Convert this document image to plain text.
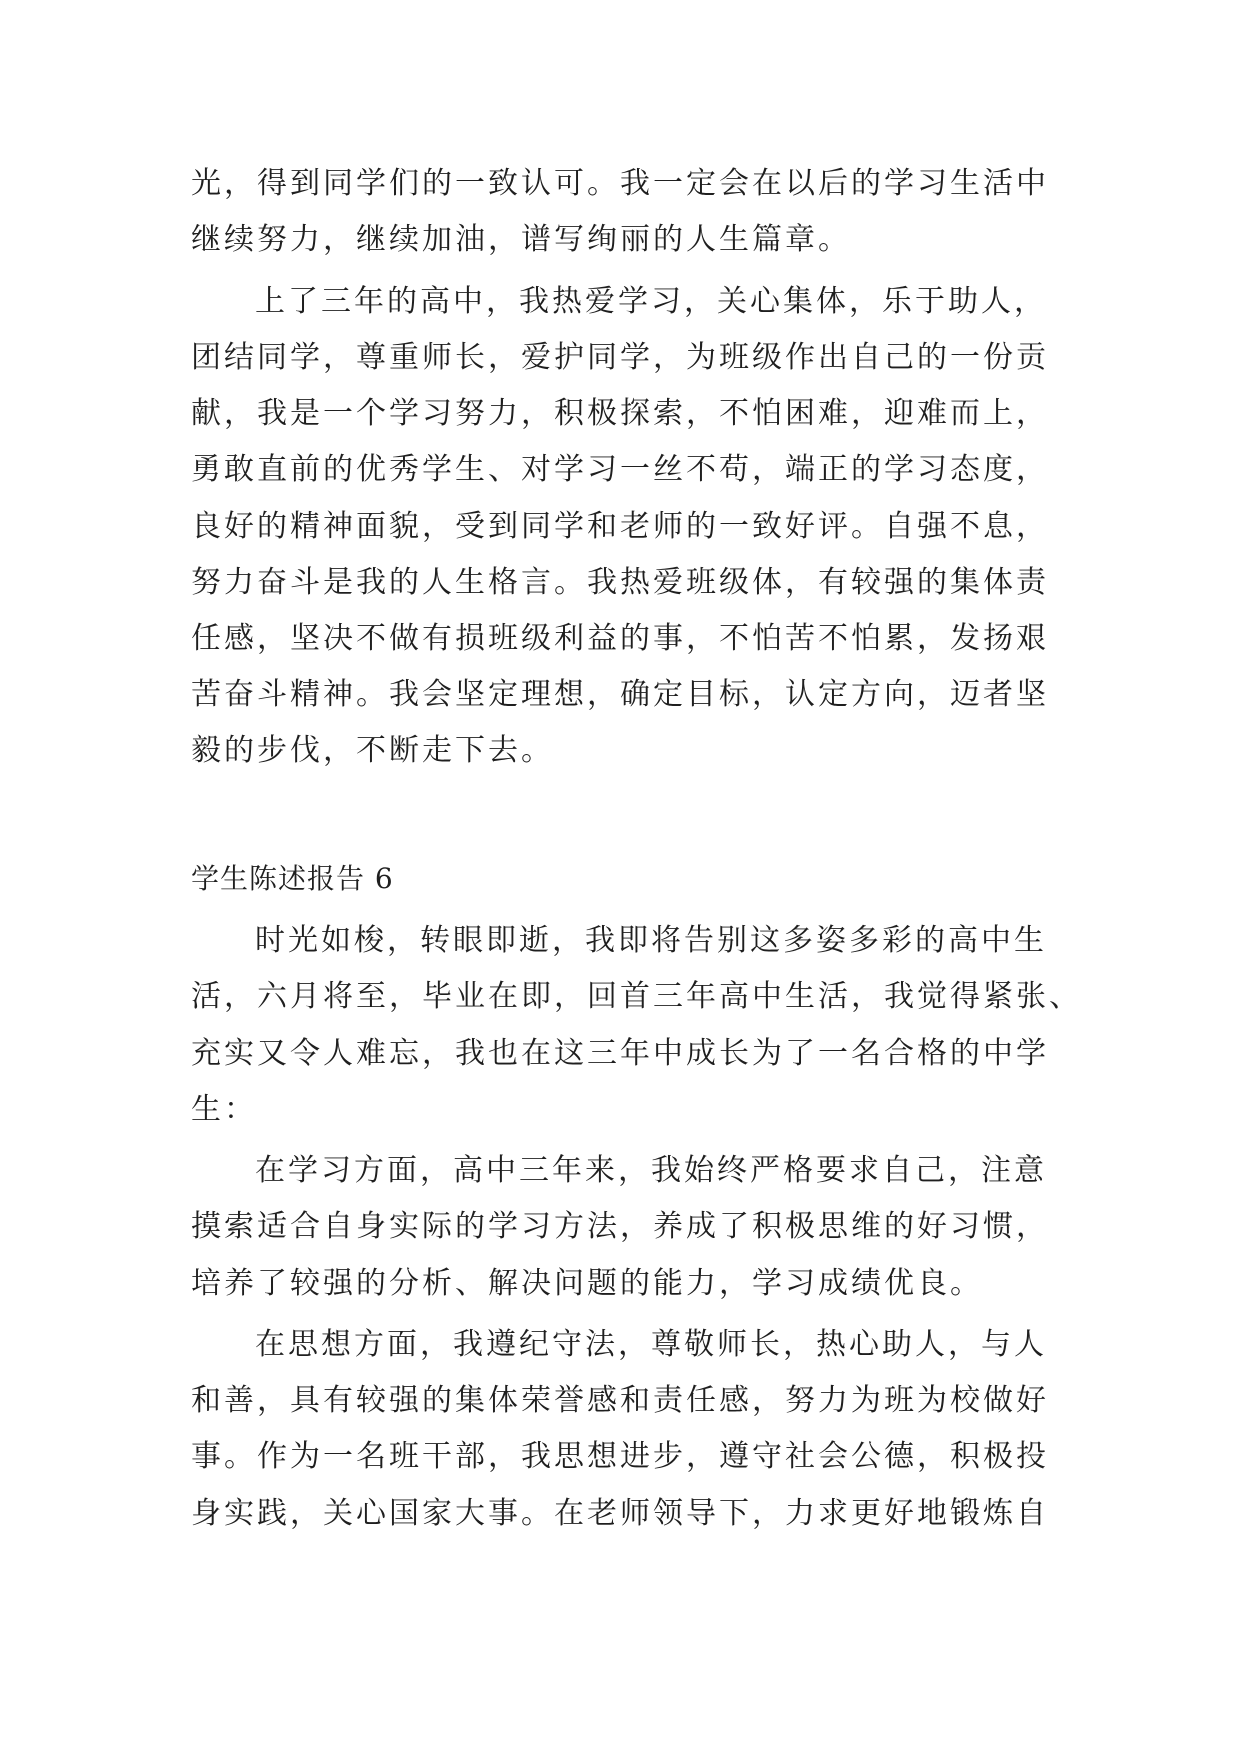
光，得到同学们的一致认可。我一定会在以后的学习生活中
继续努力，继续加油，谱写绚丽的人生篇章。
上了三年的高中，我热爱学习，关心集体，乐于助人，
团结同学，尊重师长，爱护同学，为班级作出自己的一份贡
献，我是一个学习努力，积极探索，不怕困难，迎难而上，
勇敢直前的优秀学生、对学习一丝不苟，端正的学习态度，
良好的精神面貌，受到同学和老师的一致好评。自强不息，
努力奋斗是我的人生格言。我热爱班级体，有较强的集体责
任感，坚决不做有损班级利益的事，不怕苦不怕累，发扬艰
苦奋斗精神。我会坚定理想，确定目标，认定方向，迈者坚
毅的步伐，不断走下去。
学生陈述报告 6
时光如梭，转眼即逝，我即将告别这多姿多彩的高中生
活，六月将至，毕业在即，回首三年高中生活，我觉得紧张、
充实又令人难忘，我也在这三年中成长为了一名合格的中学
生：
在学习方面，高中三年来，我始终严格要求自己，注意
摸索适合自身实际的学习方法，养成了积极思维的好习惯，
培养了较强的分析、解决问题的能力，学习成绩优良。
在思想方面，我遵纪守法，尊敬师长，热心助人，与人
和善，具有较强的集体荣誉感和责任感，努力为班为校做好
事。作为一名班干部，我思想进步，遵守社会公德，积极投
身实践，关心国家大事。在老师领导下，力求更好地锻炼自
